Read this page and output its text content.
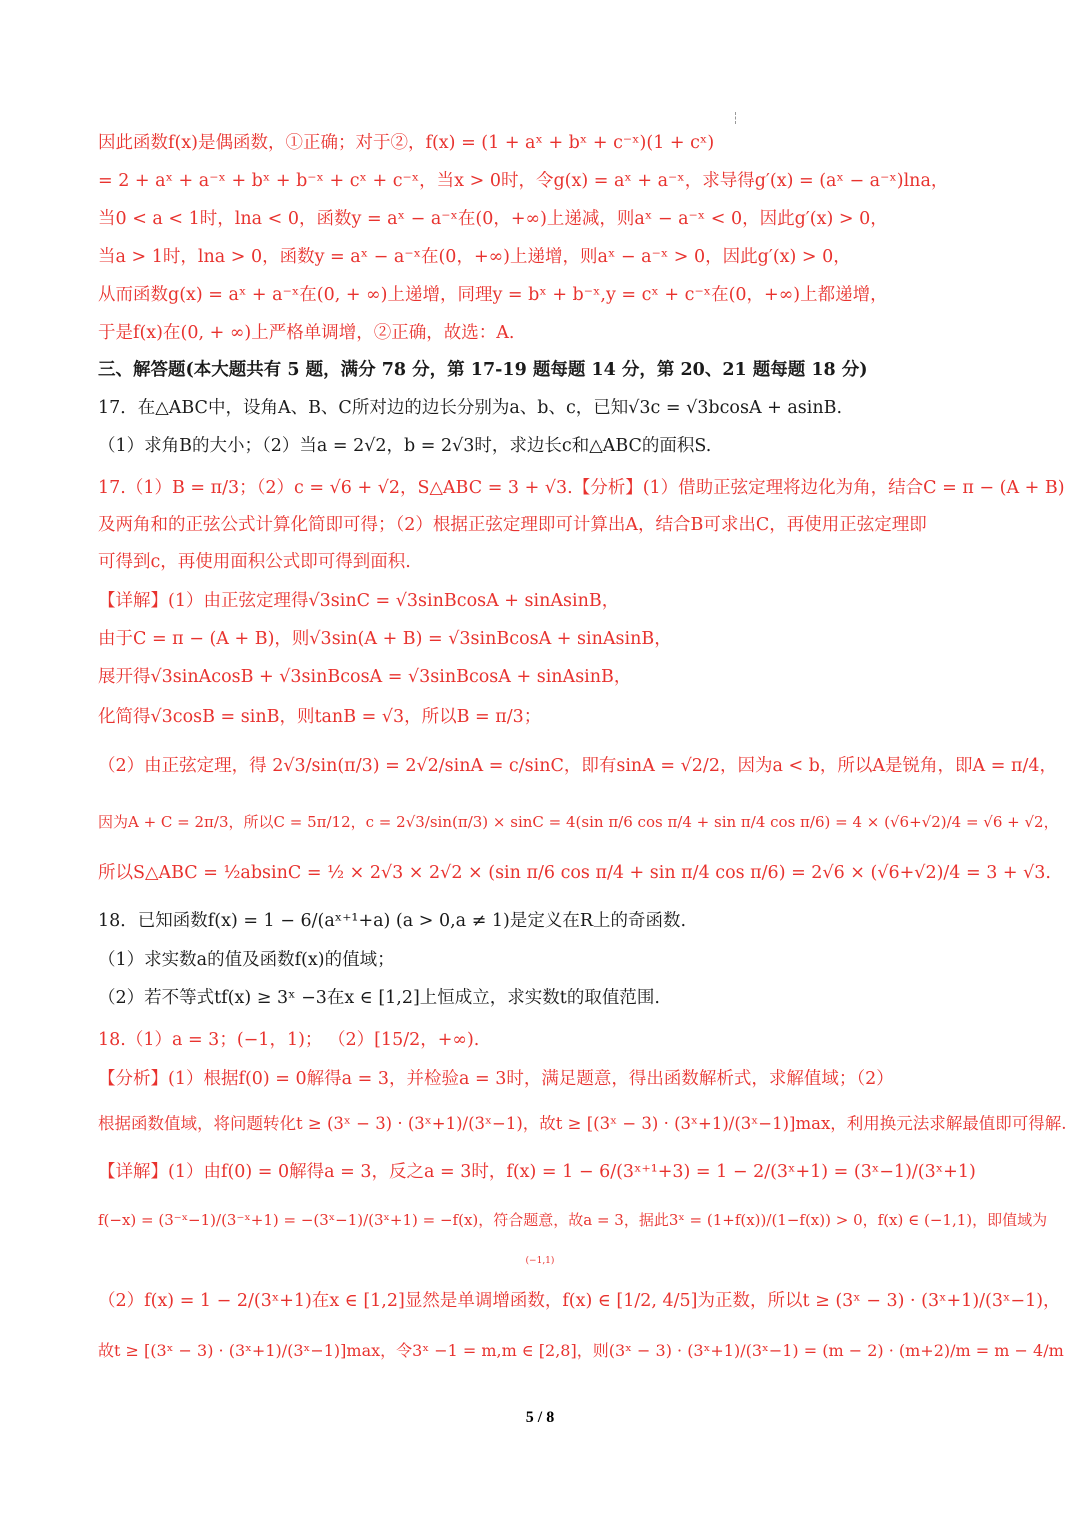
因此函数f(x)是偶函数，①正确；对于②，f(x) = (1 + aˣ + bˣ + c⁻ˣ)(1 + cˣ)
= 2 + aˣ + a⁻ˣ + bˣ + b⁻ˣ + cˣ + c⁻ˣ，当x > 0时，令g(x) = aˣ + a⁻ˣ，求导得g′(x) = (aˣ − a⁻ˣ)lna，
当0 < a < 1时，lna < 0，函数y = aˣ − a⁻ˣ在(0，+∞)上递减，则aˣ − a⁻ˣ < 0，因此g′(x) > 0，
当a > 1时，lna > 0，函数y = aˣ − a⁻ˣ在(0，+∞)上递增，则aˣ − a⁻ˣ > 0，因此g′(x) > 0，
从而函数g(x) = aˣ + a⁻ˣ在(0, + ∞)上递增，同理y = bˣ + b⁻ˣ,y = cˣ + c⁻ˣ在(0，+∞)上都递增，
于是f(x)在(0, + ∞)上严格单调增，②正确，故选：A.
三、解答题(本大题共有 5 题，满分 78 分，第 17-19 题每题 14 分，第 20、21 题每题 18 分)
17．在△ABC中，设角A、B、C所对边的边长分别为a、b、c，已知√3c = √3bcosA + asinB.
（1）求角B的大小；（2）当a = 2√2，b = 2√3时，求边长c和△ABC的面积S.
17.（1）B = π/3；（2）c = √6 + √2，S△ABC = 3 + √3.【分析】(1）借助正弦定理将边化为角，结合C = π − (A + B)
及两角和的正弦公式计算化简即可得；（2）根据正弦定理即可计算出A，结合B可求出C，再使用正弦定理即
可得到c，再使用面积公式即可得到面积.
【详解】(1）由正弦定理得√3sinC = √3sinBcosA + sinAsinB，
由于C = π − (A + B)，则√3sin(A + B) = √3sinBcosA + sinAsinB，
展开得√3sinAcosB + √3sinBcosA = √3sinBcosA + sinAsinB，
化简得√3cosB = sinB，则tanB = √3，所以B = π/3；
（2）由正弦定理，得 2√3/sin(π/3) = 2√2/sinA = c/sinC，即有sinA = √2/2，因为a < b，所以A是锐角，即A = π/4，
因为A + C = 2π/3，所以C = 5π/12，c = 2√3/sin(π/3) × sinC = 4(sin π/6 cos π/4 + sin π/4 cos π/6) = 4 × (√6+√2)/4 = √6 + √2，
所以S△ABC = ½absinC = ½ × 2√3 × 2√2 × (sin π/6 cos π/4 + sin π/4 cos π/6) = 2√6 × (√6+√2)/4 = 3 + √3.
18．已知函数f(x) = 1 − 6/(aˣ⁺¹+a) (a > 0,a ≠ 1)是定义在R上的奇函数.
（1）求实数a的值及函数f(x)的值域；
（2）若不等式tf(x) ≥ 3ˣ −3在x ∈ [1,2]上恒成立，求实数t的取值范围.
18.（1）a = 3；(−1，1)； （2）[15/2，+∞).
【分析】(1）根据f(0) = 0解得a = 3，并检验a = 3时，满足题意，得出函数解析式，求解值域；（2）
根据函数值域，将问题转化t ≥ (3ˣ − 3) · (3ˣ+1)/(3ˣ−1)，故t ≥ [(3ˣ − 3) · (3ˣ+1)/(3ˣ−1)]max，利用换元法求解最值即可得解.
【详解】(1）由f(0) = 0解得a = 3，反之a = 3时，f(x) = 1 − 6/(3ˣ⁺¹+3) = 1 − 2/(3ˣ+1) = (3ˣ−1)/(3ˣ+1)
f(−x) = (3⁻ˣ−1)/(3⁻ˣ+1) = −(3ˣ−1)/(3ˣ+1) = −f(x)，符合题意，故a = 3，据此3ˣ = (1+f(x))/(1−f(x)) > 0，f(x) ∈ (−1,1)，即值域为
(−1,1)
（2）f(x) = 1 − 2/(3ˣ+1)在x ∈ [1,2]显然是单调增函数，f(x) ∈ [1/2, 4/5]为正数，所以t ≥ (3ˣ − 3) · (3ˣ+1)/(3ˣ−1)，
故t ≥ [(3ˣ − 3) · (3ˣ+1)/(3ˣ−1)]max，令3ˣ −1 = m,m ∈ [2,8]，则(3ˣ − 3) · (3ˣ+1)/(3ˣ−1) = (m − 2) · (m+2)/m = m − 4/m
5 / 8
